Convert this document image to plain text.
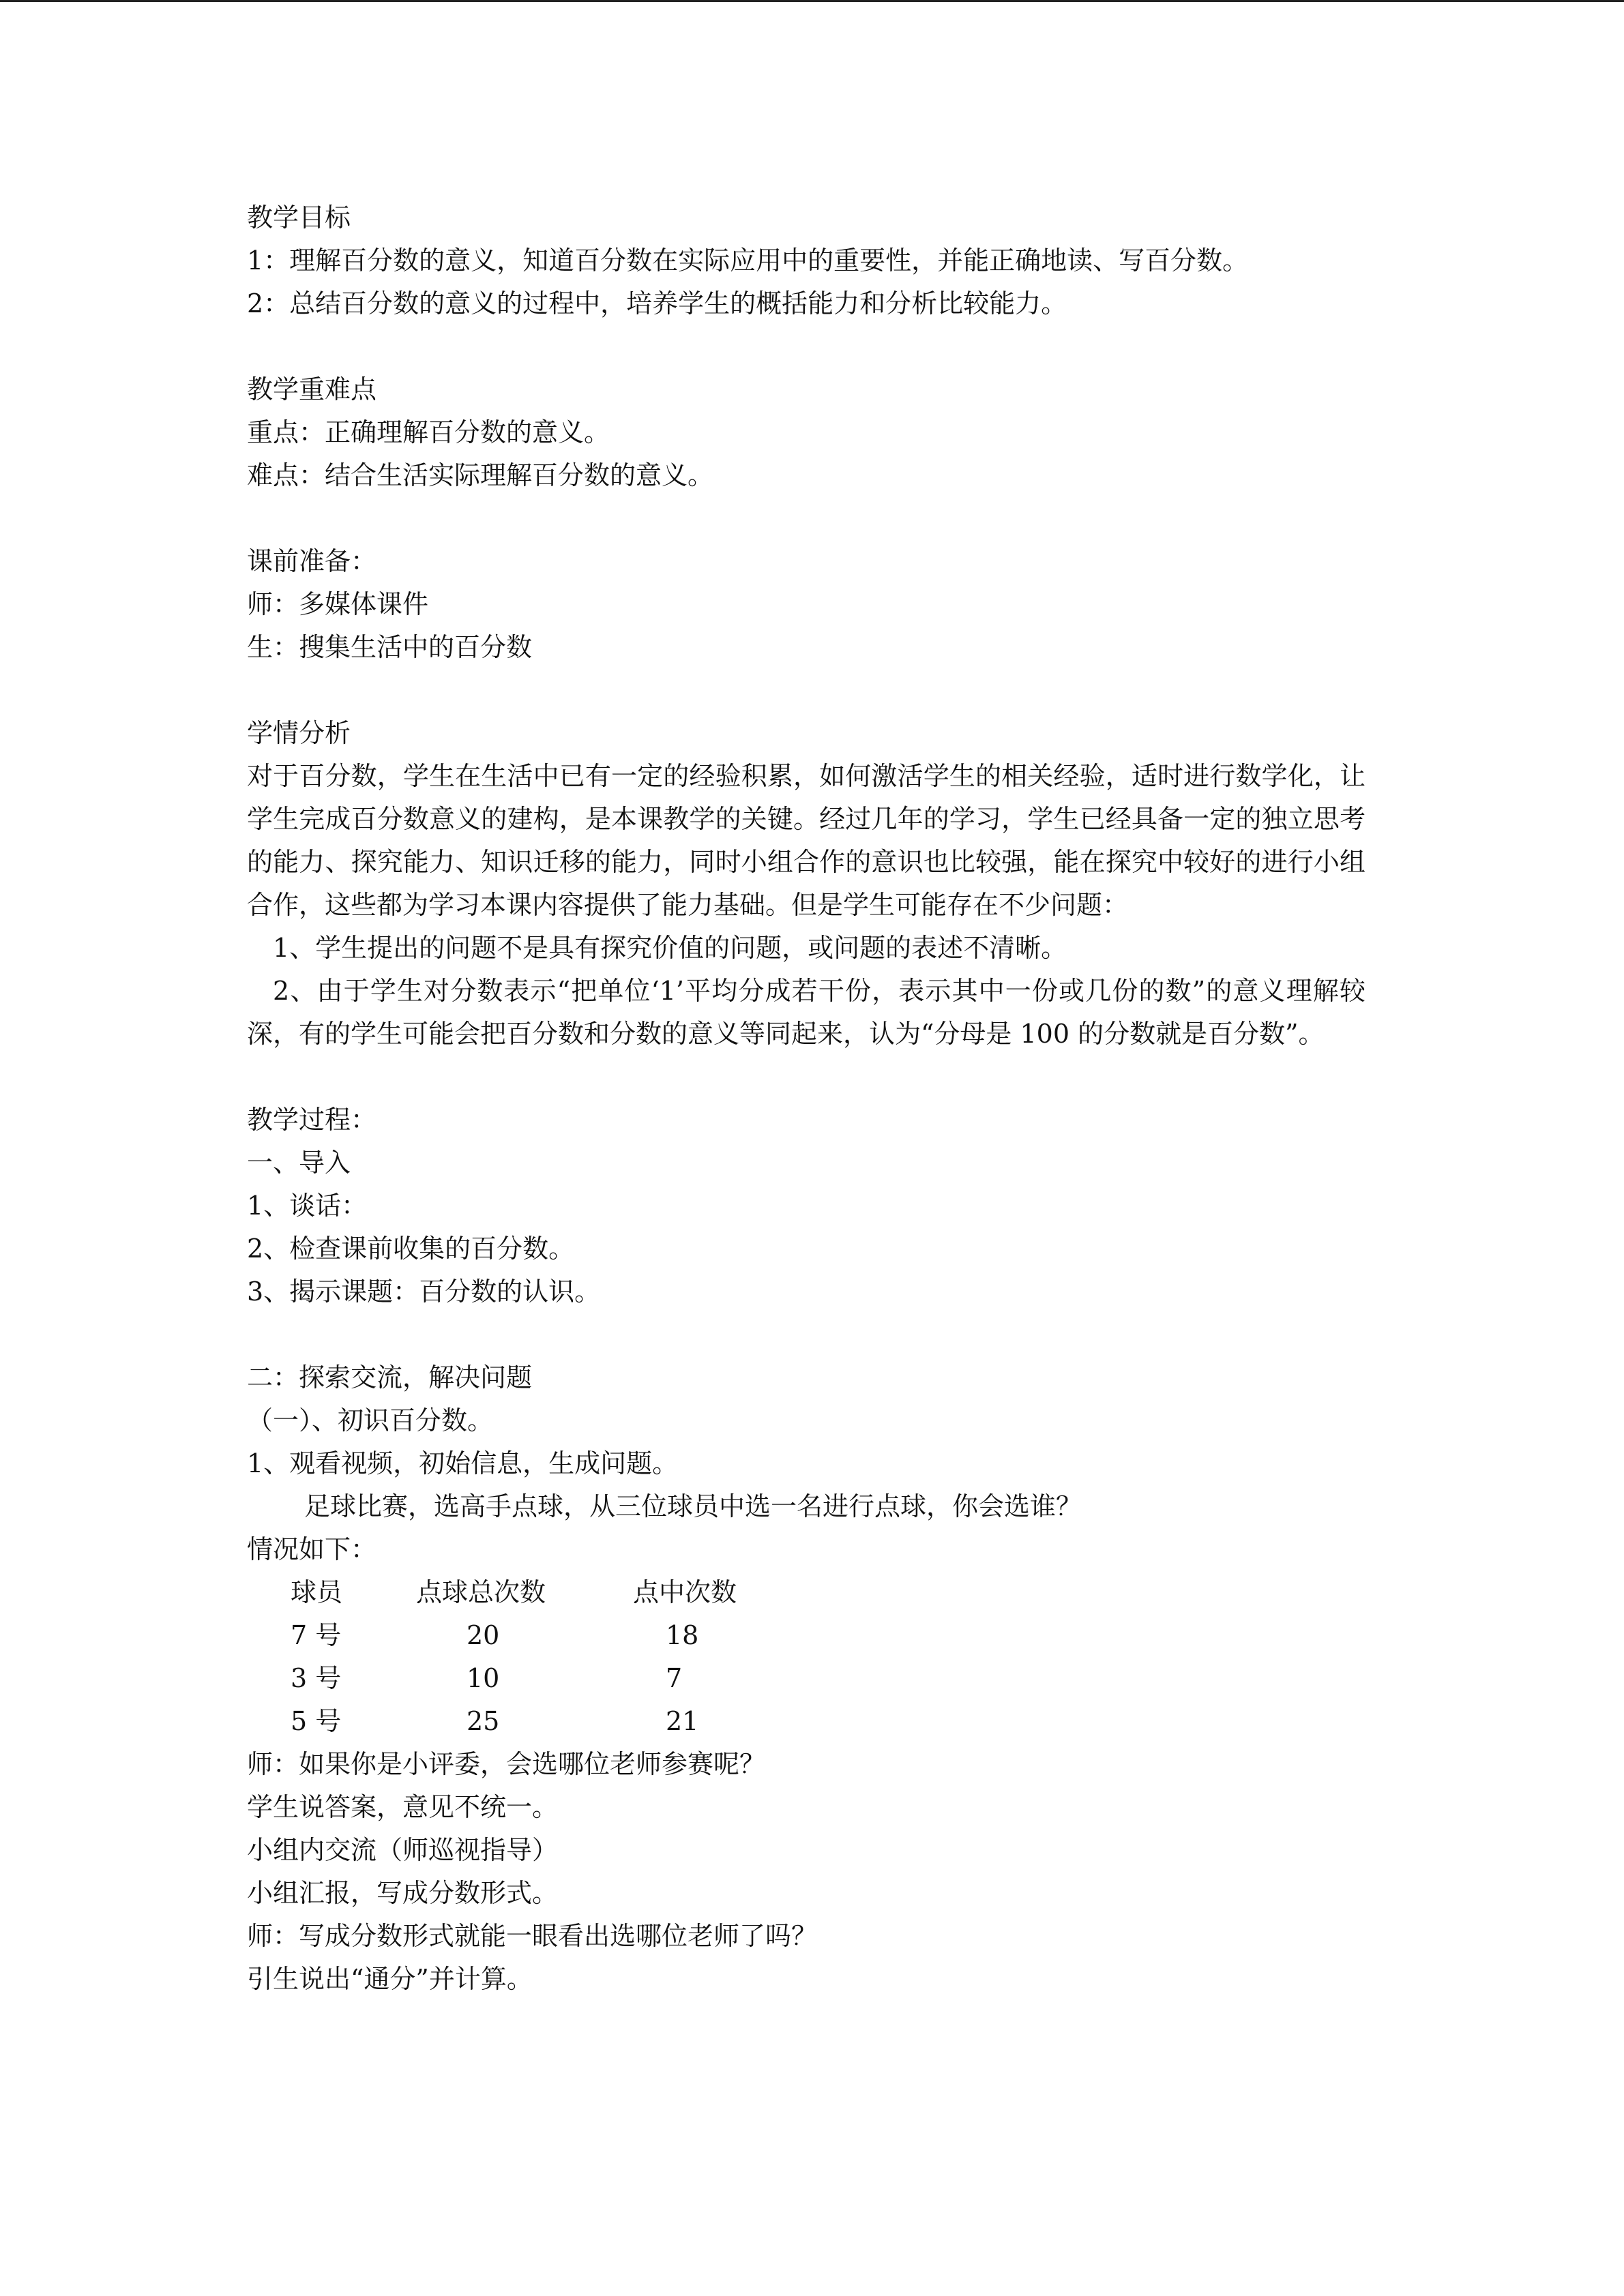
教学目标
1：理解百分数的意义，知道百分数在实际应用中的重要性，并能正确地读、写百分数。
2：总结百分数的意义的过程中，培养学生的概括能力和分析比较能力。
教学重难点
重点：正确理解百分数的意义。
难点：结合生活实际理解百分数的意义。
课前准备：
师：多媒体课件
生：搜集生活中的百分数
学情分析
对于百分数，学生在生活中已有一定的经验积累，如何激活学生的相关经验，适时进行数学化，让学生完成百分数意义的建构，是本课教学的关键。经过几年的学习，学生已经具备一定的独立思考的能力、探究能力、知识迁移的能力，同时小组合作的意识也比较强，能在探究中较好的进行小组合作，这些都为学习本课内容提供了能力基础。但是学生可能存在不少问题：
1、学生提出的问题不是具有探究价值的问题，或问题的表述不清晰。
2、由于学生对分数表示“把单位‘1’平均分成若干份，表示其中一份或几份的数”的意义理解较深，有的学生可能会把百分数和分数的意义等同起来，认为“分母是 100 的分数就是百分数”。
教学过程：
一、导入
1、谈话：
2、检查课前收集的百分数。
3、揭示课题：百分数的认识。
二：探索交流，解决问题
（一）、初识百分数。
1、观看视频，初始信息，生成问题。
足球比赛，选高手点球，从三位球员中选一名进行点球，你会选谁？
情况如下：
球员	点球总次数	点中次数
7 号	20	18
3 号	10	7
5 号	25	21
师：如果你是小评委，会选哪位老师参赛呢？
学生说答案，意见不统一。
小组内交流（师巡视指导）
小组汇报，写成分数形式。
师：写成分数形式就能一眼看出选哪位老师了吗？
引生说出“通分”并计算。
